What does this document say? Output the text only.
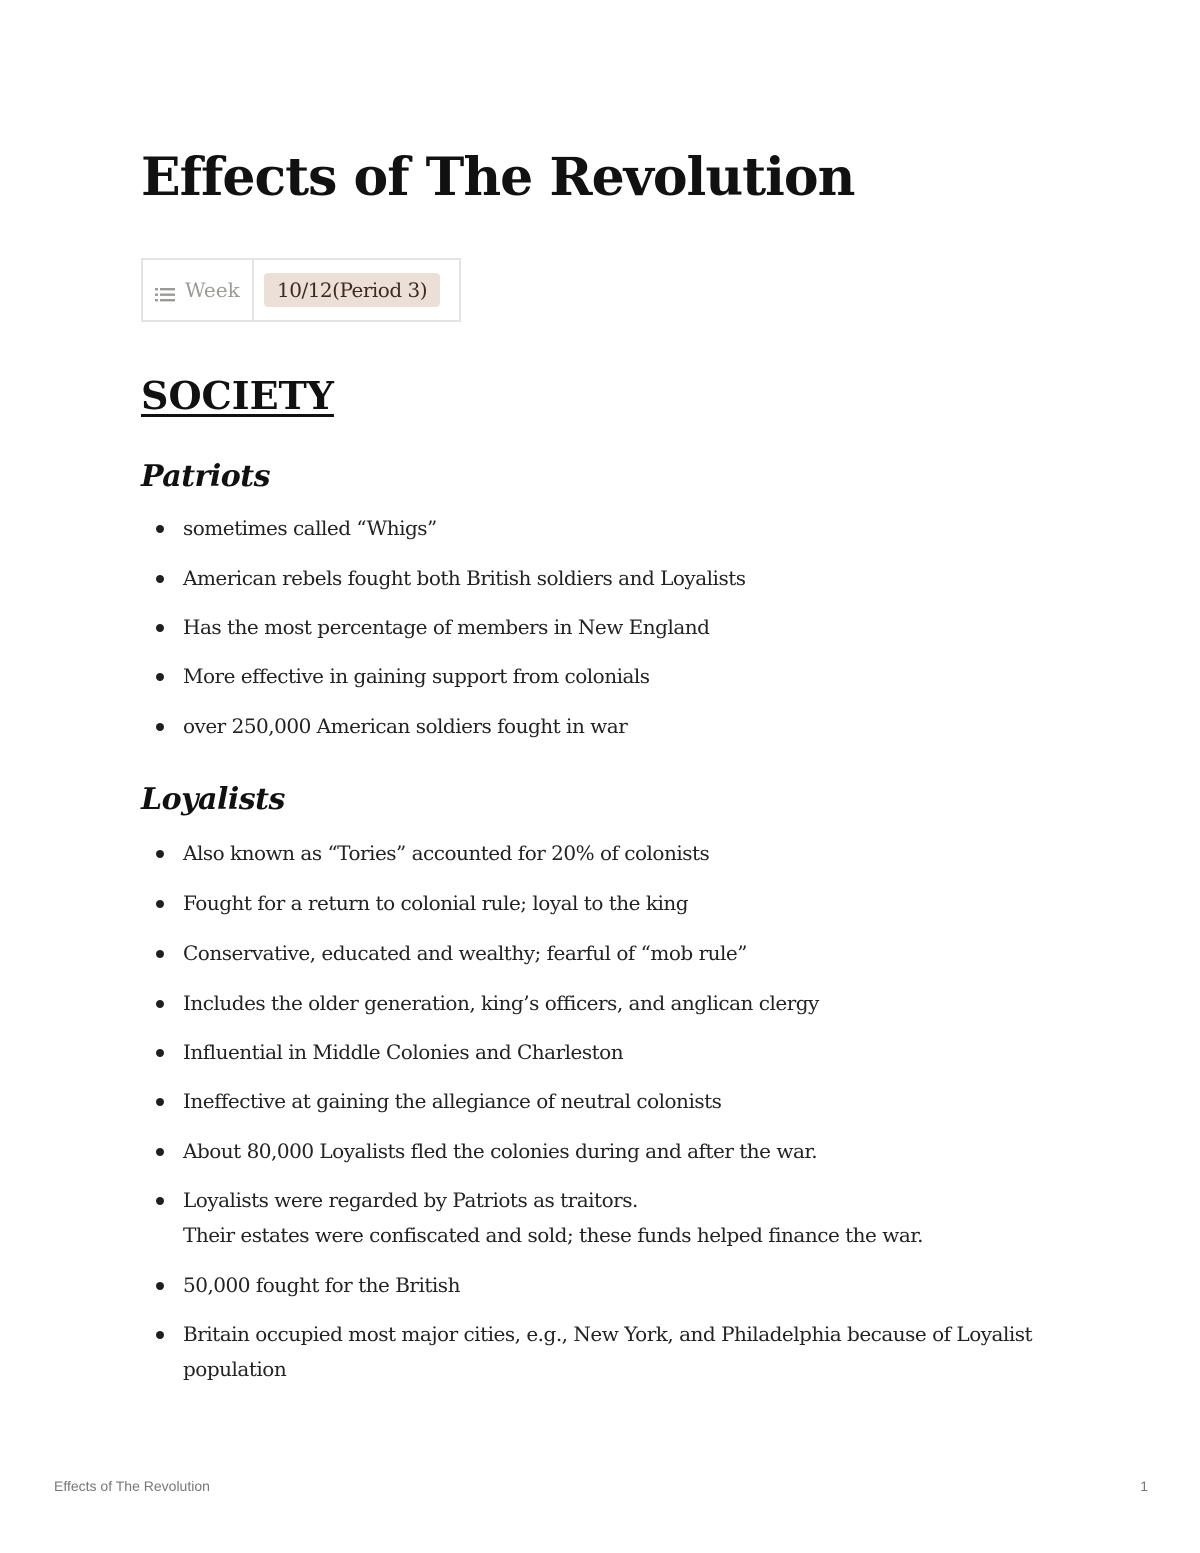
Effects of The Revolution
Week	10/12(Period 3)
SOCIETY
Patriots
sometimes called “Whigs”
American rebels fought both British soldiers and Loyalists
Has the most percentage of members in New England
More effective in gaining support from colonials
over 250,000 American soldiers fought in war
Loyalists
Also known as “Tories” accounted for 20% of colonists
Fought for a return to colonial rule; loyal to the king
Conservative, educated and wealthy; fearful of “mob rule”
Includes the older generation, king’s officers, and anglican clergy
Influential in Middle Colonies and Charleston
Ineffective at gaining the allegiance of neutral colonists
About 80,000 Loyalists fled the colonies during and after the war.
Loyalists were regarded by Patriots as traitors.
Their estates were confiscated and sold; these funds helped finance the war.
50,000 fought for the British
Britain occupied most major cities, e.g., New York, and Philadelphia because of Loyalist population
Effects of The Revolution	1
